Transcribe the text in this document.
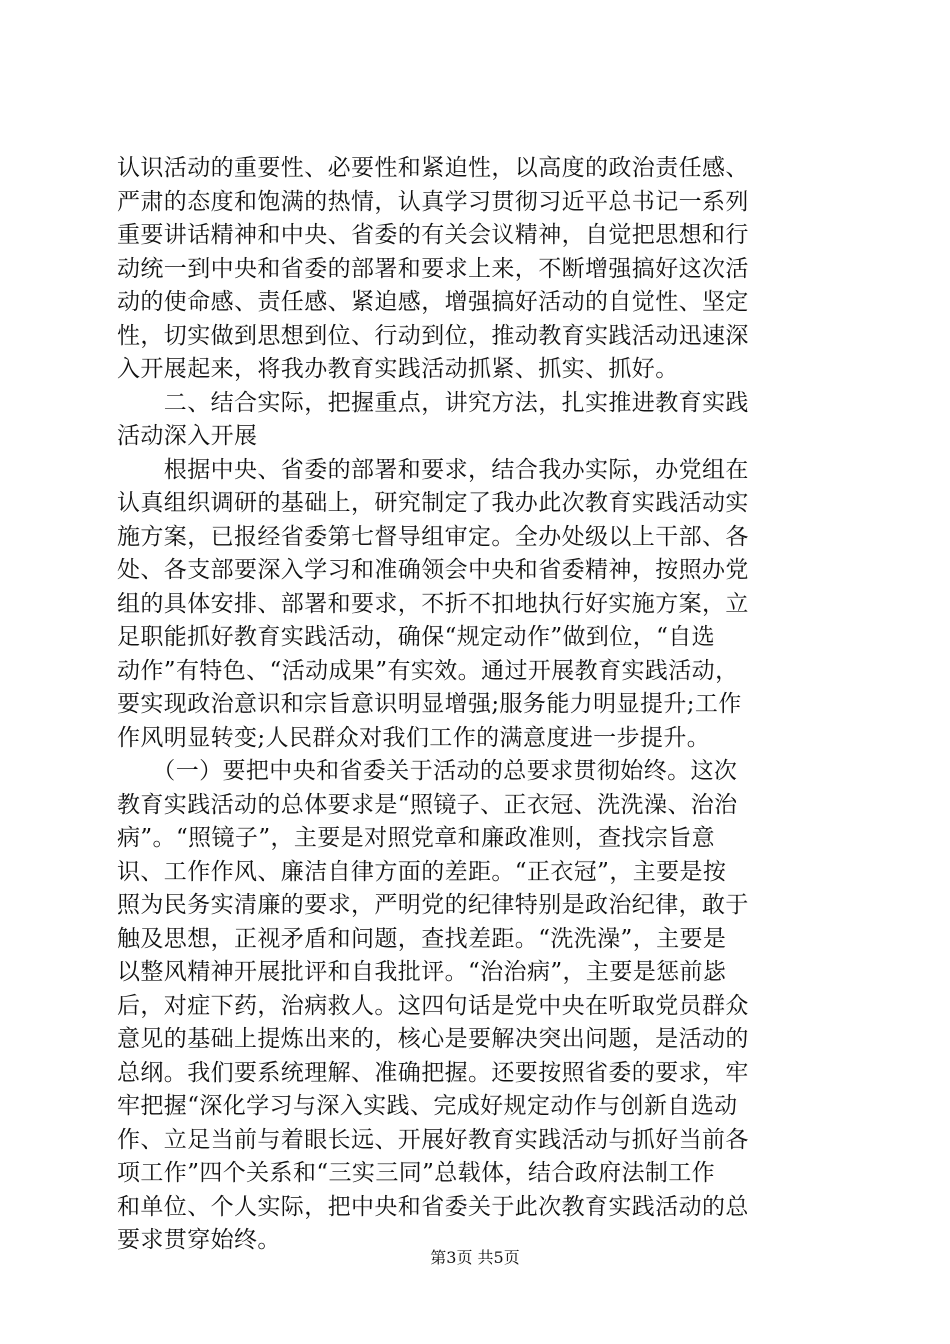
认识活动的重要性、必要性和紧迫性，以高度的政治责任感、
严肃的态度和饱满的热情，认真学习贯彻习近平总书记一系列
重要讲话精神和中央、省委的有关会议精神，自觉把思想和行
动统一到中央和省委的部署和要求上来，不断增强搞好这次活
动的使命感、责任感、紧迫感，增强搞好活动的自觉性、坚定
性，切实做到思想到位、行动到位，推动教育实践活动迅速深
入开展起来，将我办教育实践活动抓紧、抓实、抓好。
　　二、结合实际，把握重点，讲究方法，扎实推进教育实践
活动深入开展
　　根据中央、省委的部署和要求，结合我办实际，办党组在
认真组织调研的基础上，研究制定了我办此次教育实践活动实
施方案，已报经省委第七督导组审定。全办处级以上干部、各
处、各支部要深入学习和准确领会中央和省委精神，按照办党
组的具体安排、部署和要求，不折不扣地执行好实施方案，立
足职能抓好教育实践活动，确保“规定动作”做到位，“自选
动作”有特色、“活动成果”有实效。通过开展教育实践活动，
要实现政治意识和宗旨意识明显增强;服务能力明显提升;工作
作风明显转变;人民群众对我们工作的满意度进一步提升。
　　（一）要把中央和省委关于活动的总要求贯彻始终。这次
教育实践活动的总体要求是“照镜子、正衣冠、洗洗澡、治治
病”。“照镜子”，主要是对照党章和廉政准则，查找宗旨意
识、工作作风、廉洁自律方面的差距。“正衣冠”，主要是按
照为民务实清廉的要求，严明党的纪律特别是政治纪律，敢于
触及思想，正视矛盾和问题，查找差距。“洗洗澡”，主要是
以整风精神开展批评和自我批评。“治治病”，主要是惩前毖
后，对症下药，治病救人。这四句话是党中央在听取党员群众
意见的基础上提炼出来的，核心是要解决突出问题，是活动的
总纲。我们要系统理解、准确把握。还要按照省委的要求，牢
牢把握“深化学习与深入实践、完成好规定动作与创新自选动
作、立足当前与着眼长远、开展好教育实践活动与抓好当前各
项工作”四个关系和“三实三同”总载体，结合政府法制工作
和单位、个人实际，把中央和省委关于此次教育实践活动的总
要求贯穿始终。
第3页 共5页
